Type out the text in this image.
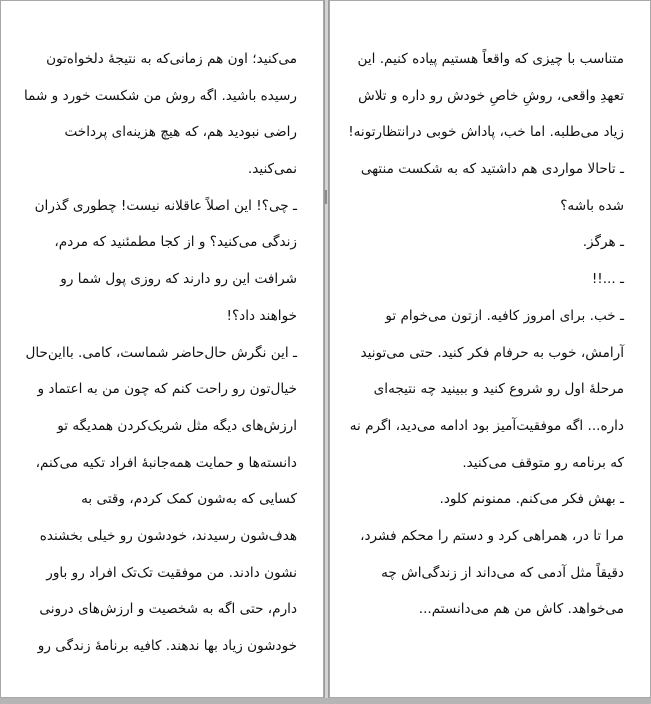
می‌کنید؛ اون هم زمانی‌که به نتیجهٔ دلخواه‌تون
رسیده باشید. اگه روش من شکست خورد و شما
راضی نبودید هم، که هیچ هزینه‌ای پرداخت
نمی‌کنید.
ـ چی؟! این اصلاً عاقلانه نیست! چطوری گذران
زندگی می‌کنید؟ و از کجا مطمئنید که مردم،
شرافت این رو دارند که روزی پول شما رو
خواهند داد؟!
ـ این نگرش حال‌حاضر شماست، کامی. بااین‌حال
خیال‌تون رو راحت کنم که چون من به اعتماد و
ارزش‌های دیگه مثل شریک‌کردن همدیگه تو
دانسته‌ها و حمایت همه‌جانبهٔ افراد تکیه می‌کنم،
کسایی که به‌شون کمک کردم، وقتی به
هدف‌شون رسیدند، خودشون رو خیلی بخشنده
نشون دادند. من موفقیت تک‌تک افراد رو باور
دارم، حتی اگه به شخصیت و ارزش‌های درونی
خودشون زیاد بها ندهند. کافیه برنامهٔ زندگی رو
متناسب با چیزی که واقعاً هستیم پیاده کنیم. این
تعهدِ واقعی، روشِ خاصِ خودش رو داره و تلاش
زیاد می‌طلبه. اما خب، پاداش خوبی درانتظارتونه!
ـ تاحالا مواردی هم داشتید که به شکست منتهی
شده باشه؟
ـ هرگز.
ـ ...!!
ـ خب. برای امروز کافیه. ازتون می‌خوام تو
آرامش، خوب به حرفام فکر کنید. حتی می‌تونید
مرحلهٔ اول رو شروع کنید و ببینید چه نتیجه‌ای
داره... اگه موفقیت‌آمیز بود ادامه می‌دید، اگرم نه
که برنامه رو متوقف می‌کنید.
ـ بهش فکر می‌کنم. ممنونم کلود.
مرا تا در، همراهی کرد و دستم را محکم فشرد،
دقیقاً مثل آدمی که می‌داند از زندگی‌اش چه
می‌خواهد. کاش من هم می‌دانستم...
